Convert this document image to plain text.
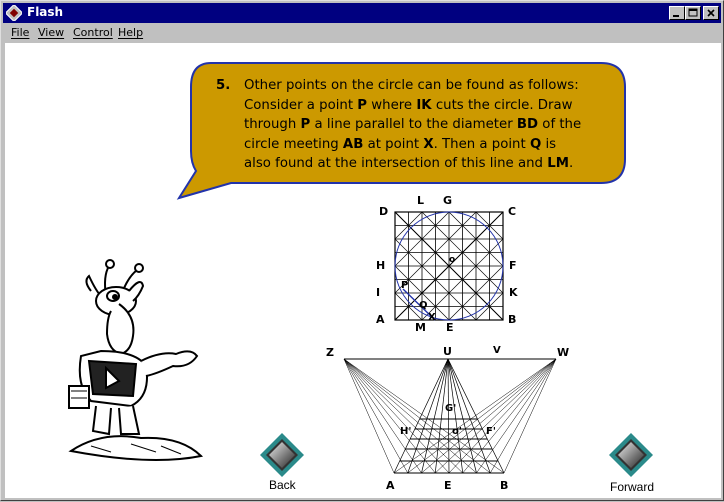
Flash
File View Control Help
5. Other points on the circle can be found as follows:
Consider a point P where IK cuts the circle. Draw
through P a line parallel to the diameter BD of the
circle meeting AB at point X. Then a point Q is
also found at the intersection of this line and LM.
D
L G
C
H	F
I	K
A
M E
B
P
Q
X
o
Z	U	V	W
G'
H'	o' F'
A	E	B
Back	Forward
